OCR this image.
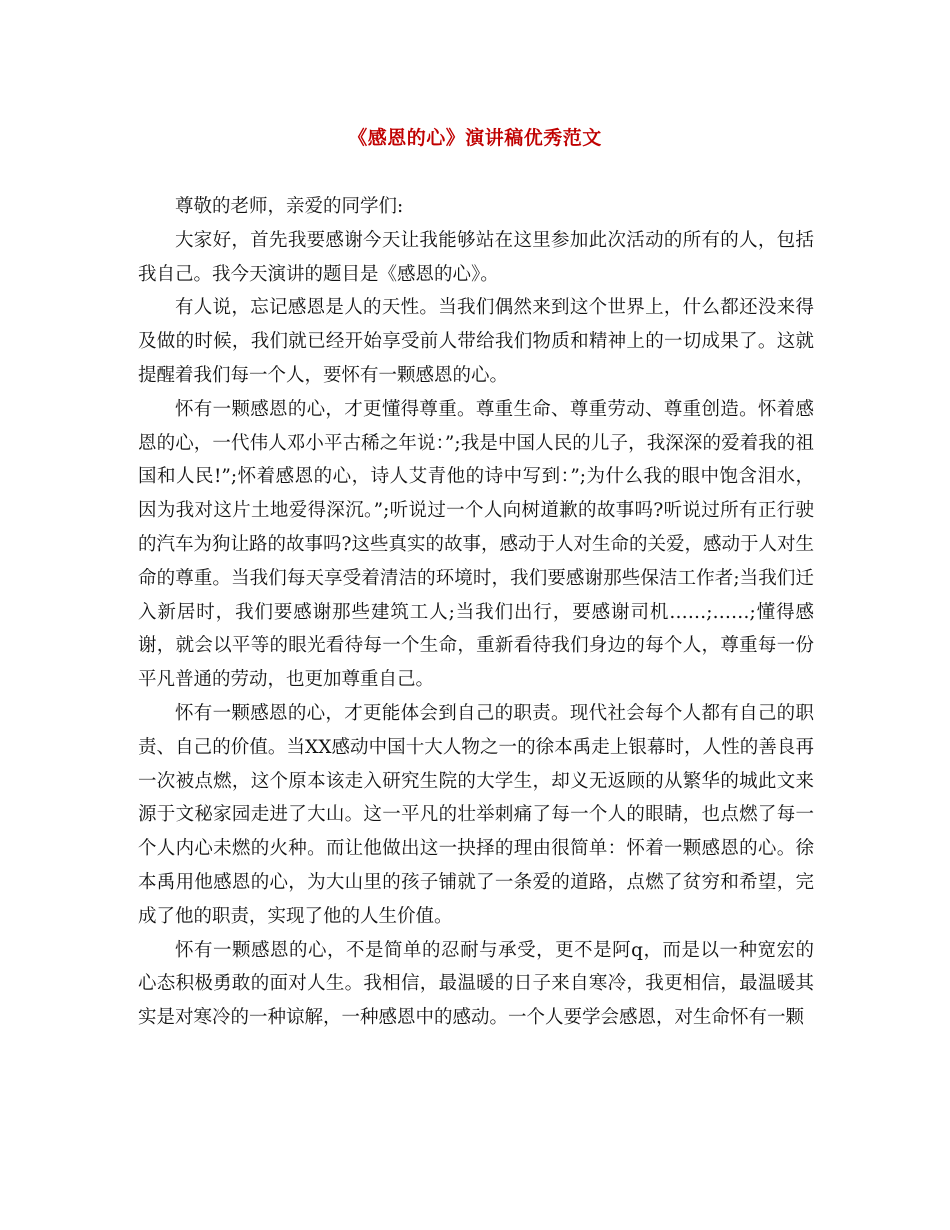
《感恩的心》演讲稿优秀范文

尊敬的老师，亲爱的同学们:

大家好，首先我要感谢今天让我能够站在这里参加此次活动的所有的人，包括我自己。我今天演讲的题目是《感恩的心》。

有人说，忘记感恩是人的天性。当我们偶然来到这个世界上，什么都还没来得及做的时候，我们就已经开始享受前人带给我们物质和精神上的一切成果了。这就提醒着我们每一个人，要怀有一颗感恩的心。

怀有一颗感恩的心，才更懂得尊重。尊重生命、尊重劳动、尊重创造。怀着感恩的心，一代伟人邓小平古稀之年说：”;我是中国人民的儿子，我深深的爱着我的祖国和人民!”;怀着感恩的心，诗人艾青他的诗中写到：”;为什么我的眼中饱含泪水，因为我对这片土地爱得深沉。”;听说过一个人向树道歉的故事吗?听说过所有正行驶的汽车为狗让路的故事吗?这些真实的故事，感动于人对生命的关爱，感动于人对生命的尊重。当我们每天享受着清洁的环境时，我们要感谢那些保洁工作者;当我们迁入新居时，我们要感谢那些建筑工人;当我们出行，要感谢司机……;……;懂得感谢，就会以平等的眼光看待每一个生命，重新看待我们身边的每个人，尊重每一份平凡普通的劳动，也更加尊重自己。

怀有一颗感恩的心，才更能体会到自己的职责。现代社会每个人都有自己的职责、自己的价值。当XX感动中国十大人物之一的徐本禹走上银幕时，人性的善良再一次被点燃，这个原本该走入研究生院的大学生，却义无返顾的从繁华的城此文来源于文秘家园走进了大山。这一平凡的壮举刺痛了每一个人的眼睛，也点燃了每一个人内心未燃的火种。而让他做出这一抉择的理由很简单：怀着一颗感恩的心。徐本禹用他感恩的心，为大山里的孩子铺就了一条爱的道路，点燃了贫穷和希望，完成了他的职责，实现了他的人生价值。

怀有一颗感恩的心，不是简单的忍耐与承受，更不是阿q，而是以一种宽宏的心态积极勇敢的面对人生。我相信，最温暖的日子来自寒冷，我更相信，最温暖其实是对寒冷的一种谅解，一种感恩中的感动。一个人要学会感恩，对生命怀有一颗
